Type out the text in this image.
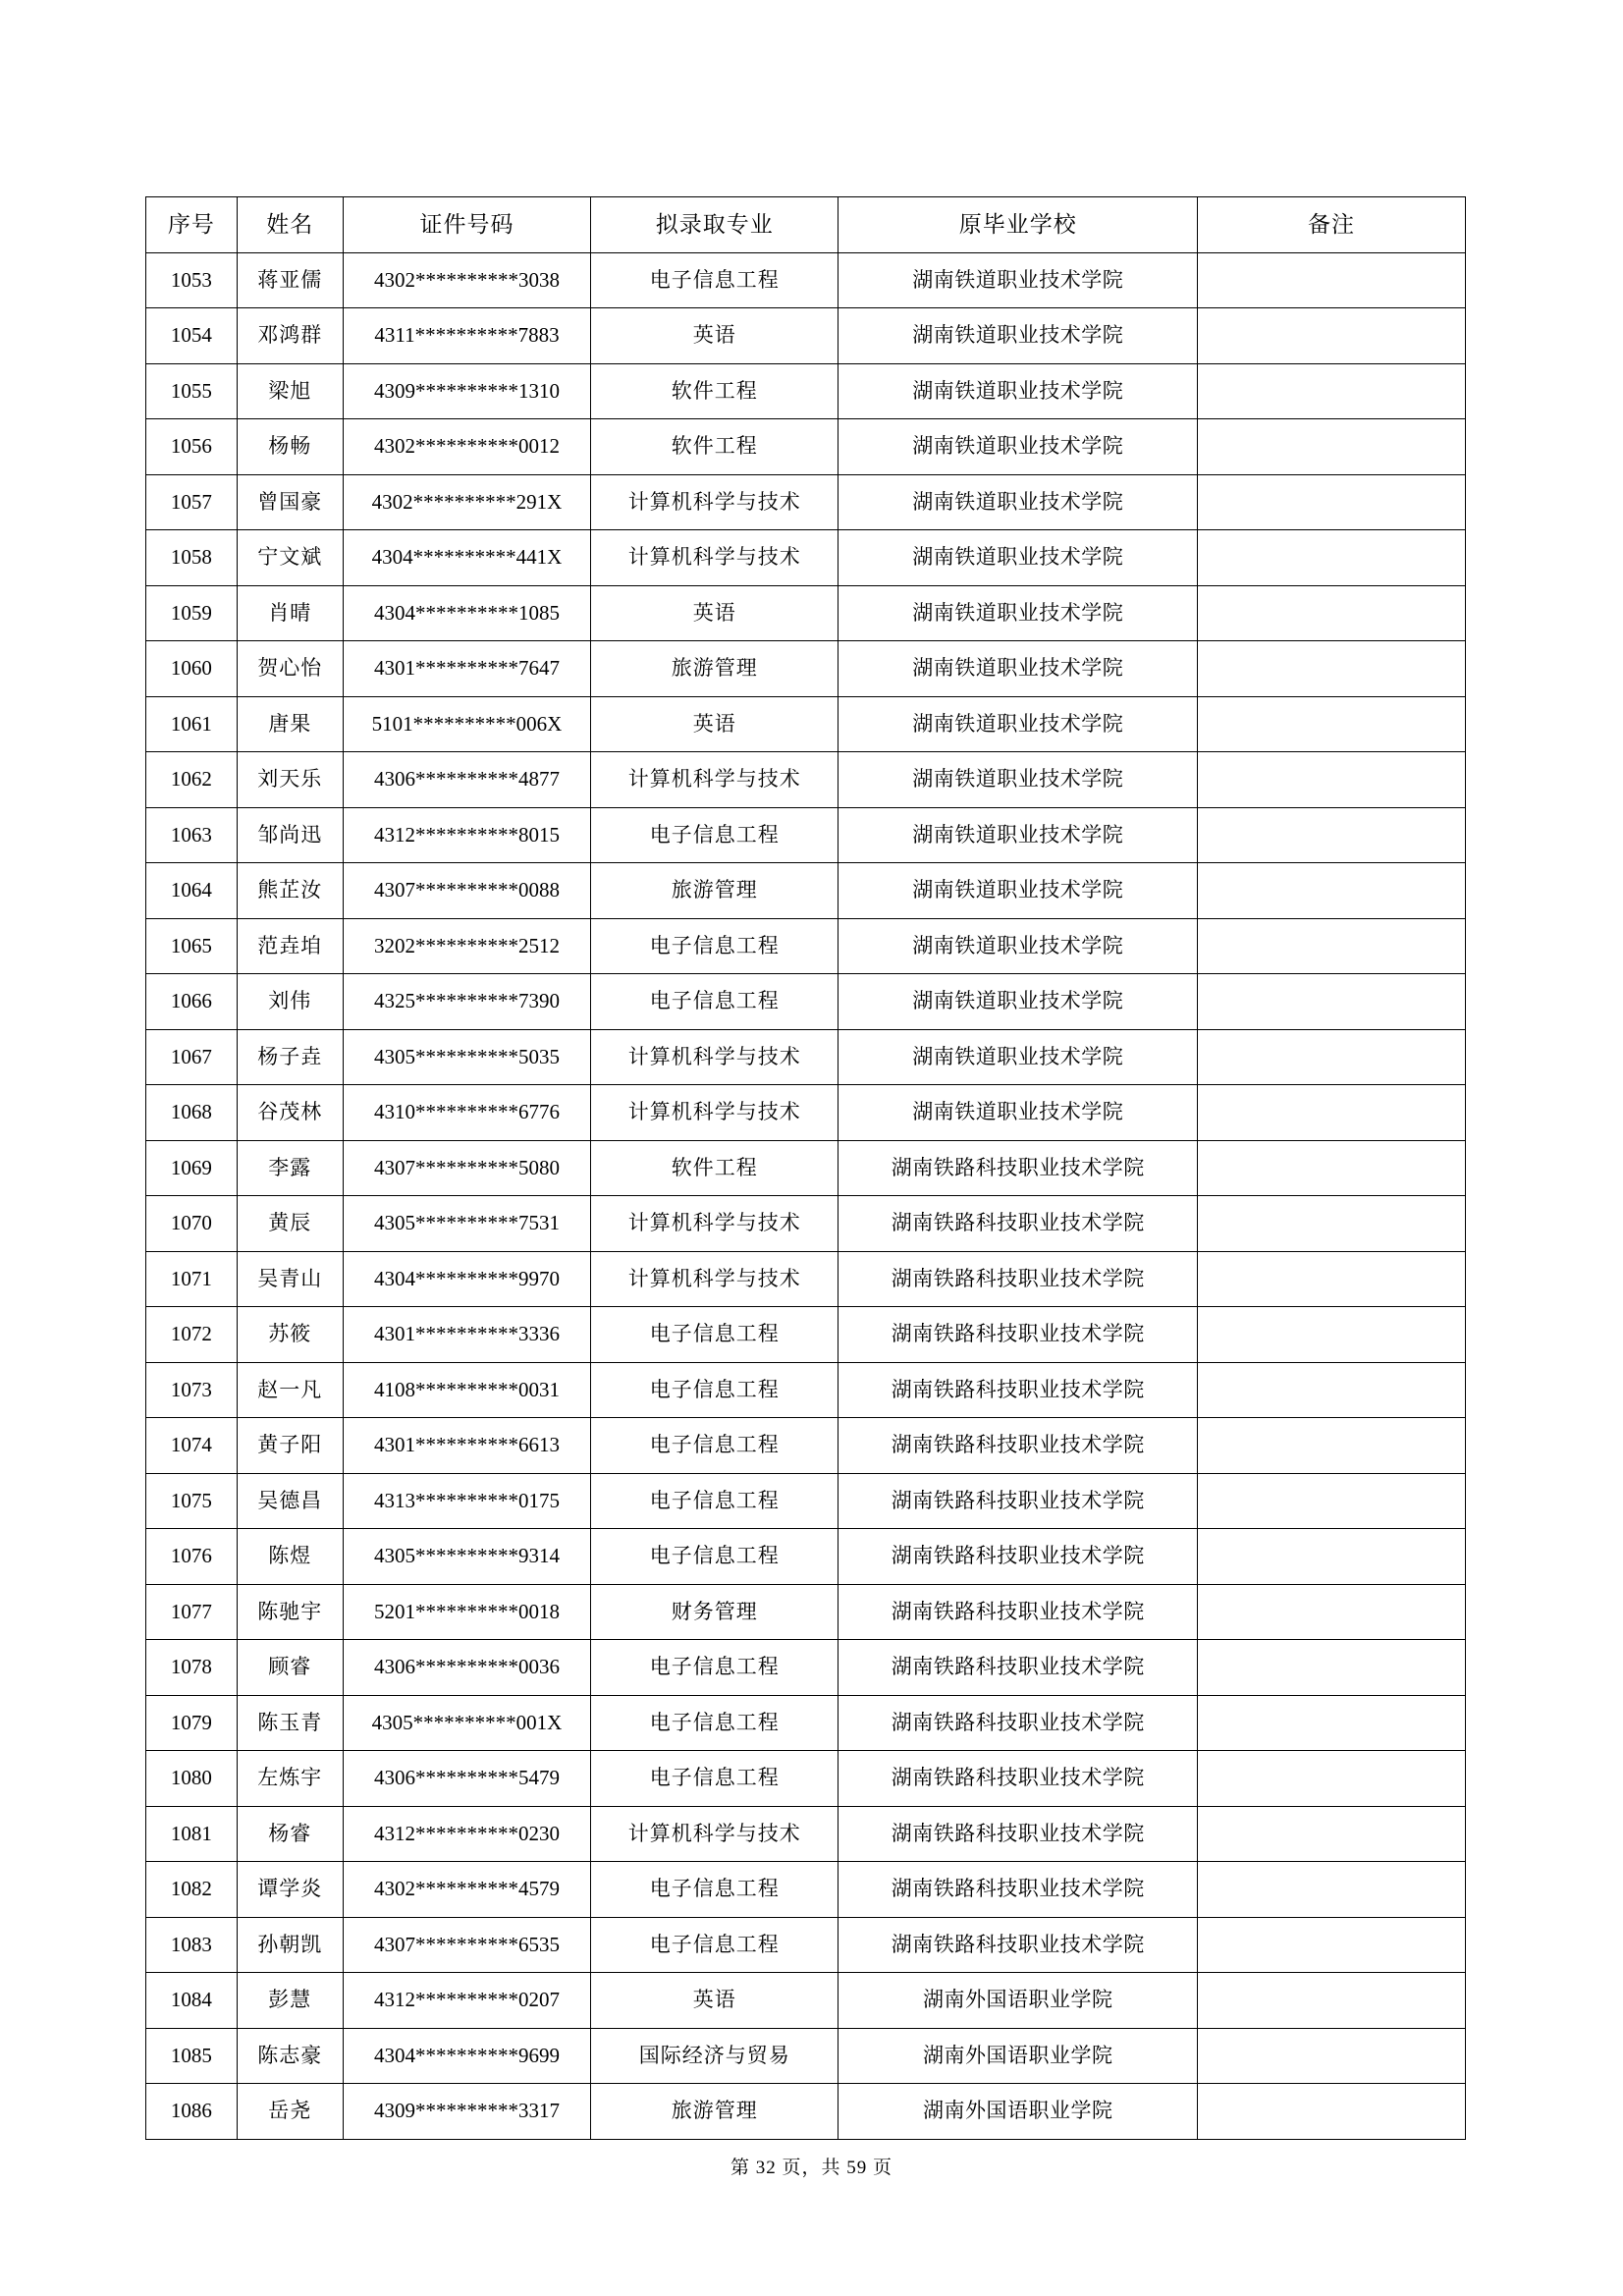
序号	姓名	证件号码	拟录取专业	原毕业学校	备注
1053	蒋亚儒	4302**********3038	电子信息工程	湖南铁道职业技术学院	
1054	邓鸿群	4311**********7883	英语	湖南铁道职业技术学院	
1055	梁旭	4309**********1310	软件工程	湖南铁道职业技术学院	
1056	杨畅	4302**********0012	软件工程	湖南铁道职业技术学院	
1057	曾国豪	4302**********291X	计算机科学与技术	湖南铁道职业技术学院	
1058	宁文斌	4304**********441X	计算机科学与技术	湖南铁道职业技术学院	
1059	肖晴	4304**********1085	英语	湖南铁道职业技术学院	
1060	贺心怡	4301**********7647	旅游管理	湖南铁道职业技术学院	
1061	唐果	5101**********006X	英语	湖南铁道职业技术学院	
1062	刘天乐	4306**********4877	计算机科学与技术	湖南铁道职业技术学院	
1063	邹尚迅	4312**********8015	电子信息工程	湖南铁道职业技术学院	
1064	熊芷汝	4307**********0088	旅游管理	湖南铁道职业技术学院	
1065	范垚垍	3202**********2512	电子信息工程	湖南铁道职业技术学院	
1066	刘伟	4325**********7390	电子信息工程	湖南铁道职业技术学院	
1067	杨子垚	4305**********5035	计算机科学与技术	湖南铁道职业技术学院	
1068	谷茂林	4310**********6776	计算机科学与技术	湖南铁道职业技术学院	
1069	李露	4307**********5080	软件工程	湖南铁路科技职业技术学院	
1070	黄辰	4305**********7531	计算机科学与技术	湖南铁路科技职业技术学院	
1071	吴青山	4304**********9970	计算机科学与技术	湖南铁路科技职业技术学院	
1072	苏筱	4301**********3336	电子信息工程	湖南铁路科技职业技术学院	
1073	赵一凡	4108**********0031	电子信息工程	湖南铁路科技职业技术学院	
1074	黄子阳	4301**********6613	电子信息工程	湖南铁路科技职业技术学院	
1075	吴德昌	4313**********0175	电子信息工程	湖南铁路科技职业技术学院	
1076	陈煜	4305**********9314	电子信息工程	湖南铁路科技职业技术学院	
1077	陈驰宇	5201**********0018	财务管理	湖南铁路科技职业技术学院	
1078	顾睿	4306**********0036	电子信息工程	湖南铁路科技职业技术学院	
1079	陈玉青	4305**********001X	电子信息工程	湖南铁路科技职业技术学院	
1080	左炼宇	4306**********5479	电子信息工程	湖南铁路科技职业技术学院	
1081	杨睿	4312**********0230	计算机科学与技术	湖南铁路科技职业技术学院	
1082	谭学炎	4302**********4579	电子信息工程	湖南铁路科技职业技术学院	
1083	孙朝凯	4307**********6535	电子信息工程	湖南铁路科技职业技术学院	
1084	彭慧	4312**********0207	英语	湖南外国语职业学院	
1085	陈志豪	4304**********9699	国际经济与贸易	湖南外国语职业学院	
1086	岳尧	4309**********3317	旅游管理	湖南外国语职业学院	
第 32 页，共 59 页
